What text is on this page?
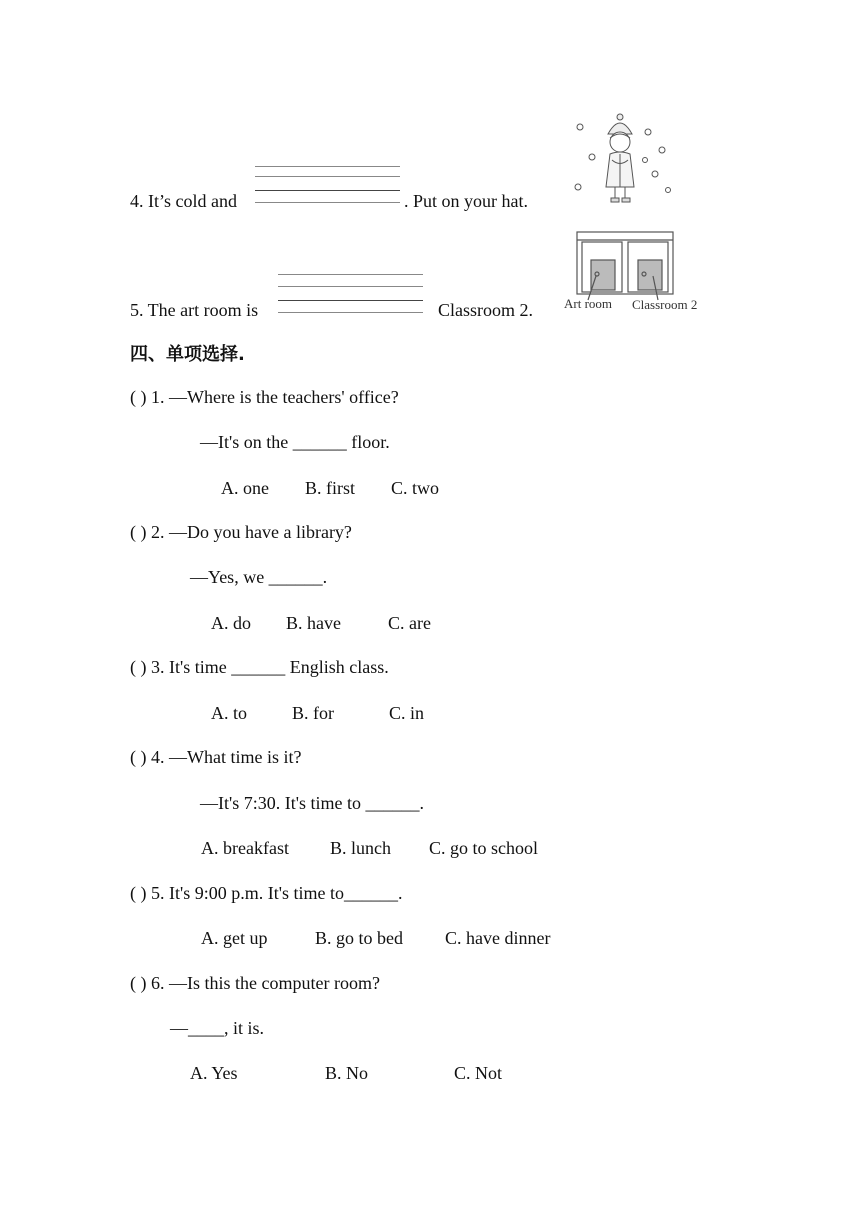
4. It’s cold and	. Put on your hat.
5. The art room is	Classroom 2. Art room Classroom 2
四、单项选择.
( ) 1. —Where is the teachers' office?
—It's on the ______ floor.
A. one B. first C. two
( ) 2. —Do you have a library?
—Yes, we ______.
A. do B. have	C. are
( ) 3. It's time ______ English class.
A. to	B. for	C. in
( ) 4. —What time is it?
—It's 7:30. It's time to ______.
A. breakfast B. lunch C. go to school
( ) 5. It's 9:00 p.m. It's time to______.
A. get up	B. go to bed C. have dinner
( ) 6. —Is this the computer room?
—____, it is.
A. Yes	B. No	C. Not
